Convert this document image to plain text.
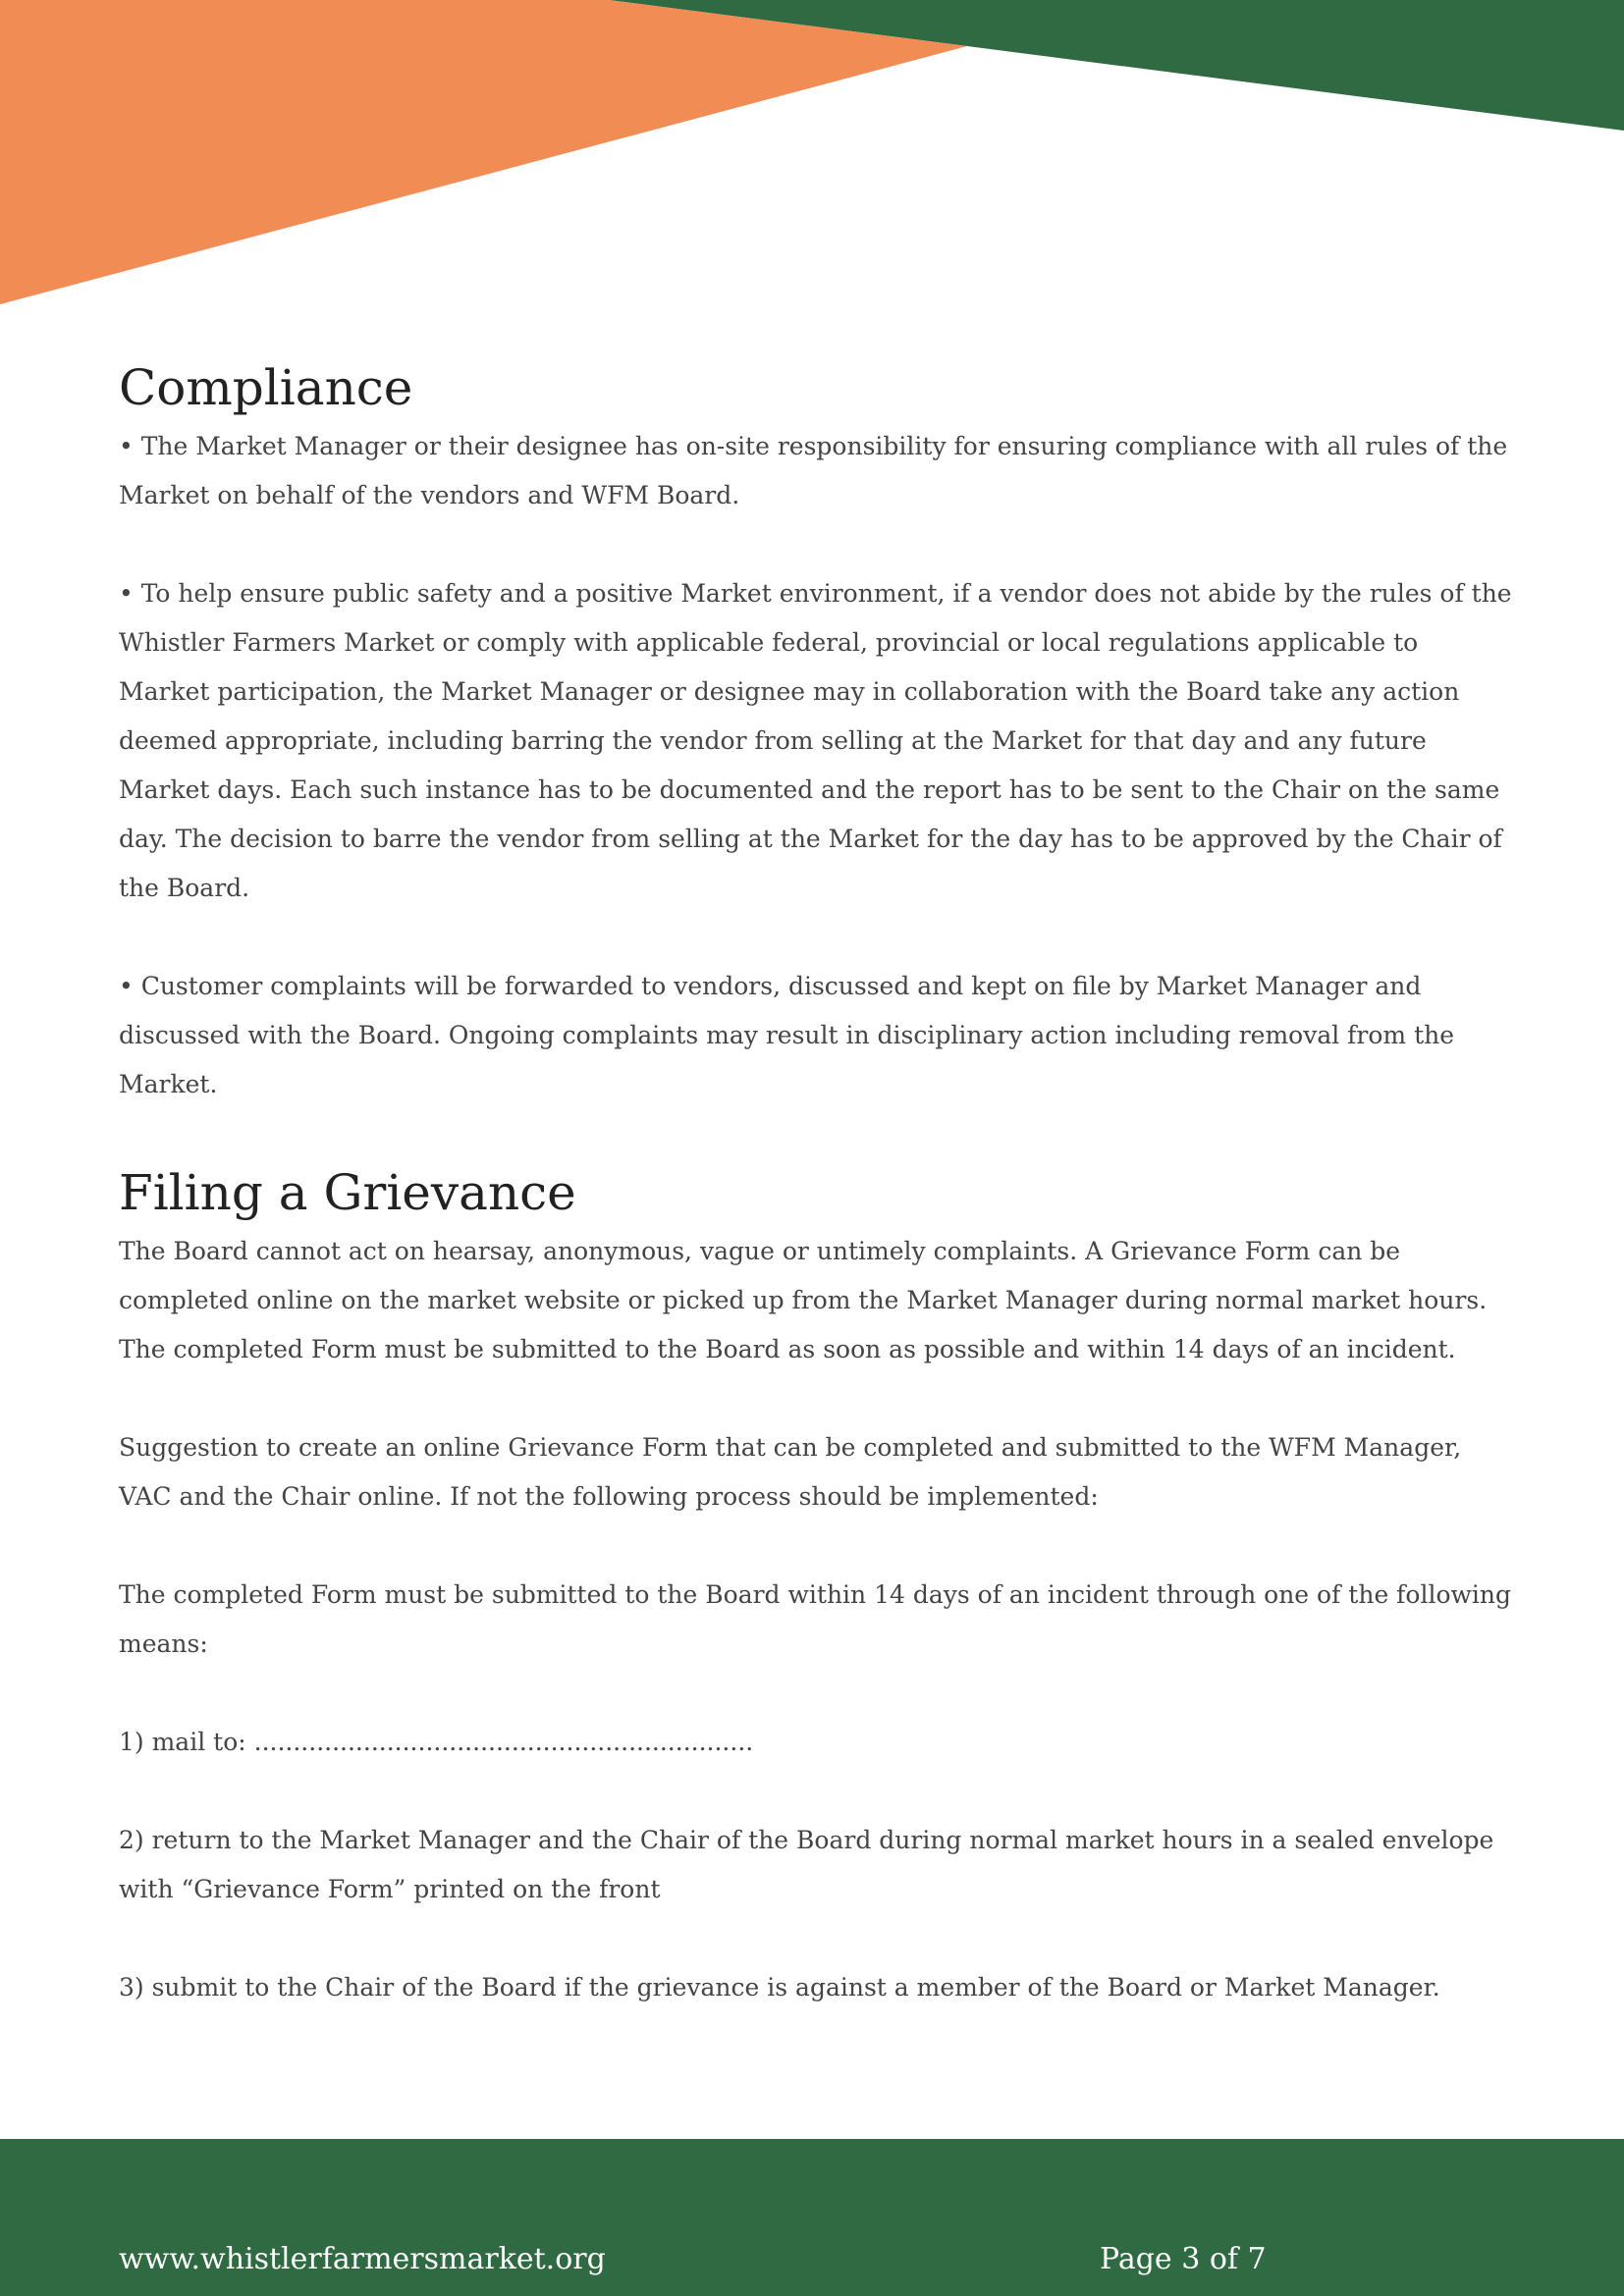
Compliance

• The Market Manager or their designee has on-site responsibility for ensuring compliance with all rules of the Market on behalf of the vendors and WFM Board.

• To help ensure public safety and a positive Market environment, if a vendor does not abide by the rules of the Whistler Farmers Market or comply with applicable federal, provincial or local regulations applicable to Market participation, the Market Manager or designee may in collaboration with the Board take any action deemed appropriate, including barring the vendor from selling at the Market for that day and any future Market days. Each such instance has to be documented and the report has to be sent to the Chair on the same day. The decision to barre the vendor from selling at the Market for the day has to be approved by the Chair of the Board.

• Customer complaints will be forwarded to vendors, discussed and kept on file by Market Manager and discussed with the Board. Ongoing complaints may result in disciplinary action including removal from the Market.

Filing a Grievance

The Board cannot act on hearsay, anonymous, vague or untimely complaints. A Grievance Form can be completed online on the market website or picked up from the Market Manager during normal market hours. The completed Form must be submitted to the Board as soon as possible and within 14 days of an incident.

Suggestion to create an online Grievance Form that can be completed and submitted to the WFM Manager, VAC and the Chair online. If not the following process should be implemented:

The completed Form must be submitted to the Board within 14 days of an incident through one of the following means:

1) mail to: ................................................................

2) return to the Market Manager and the Chair of the Board during normal market hours in a sealed envelope with “Grievance Form” printed on the front

3) submit to the Chair of the Board if the grievance is against a member of the Board or Market Manager.

www.whistlerfarmersmarket.org	Page 3 of 7
